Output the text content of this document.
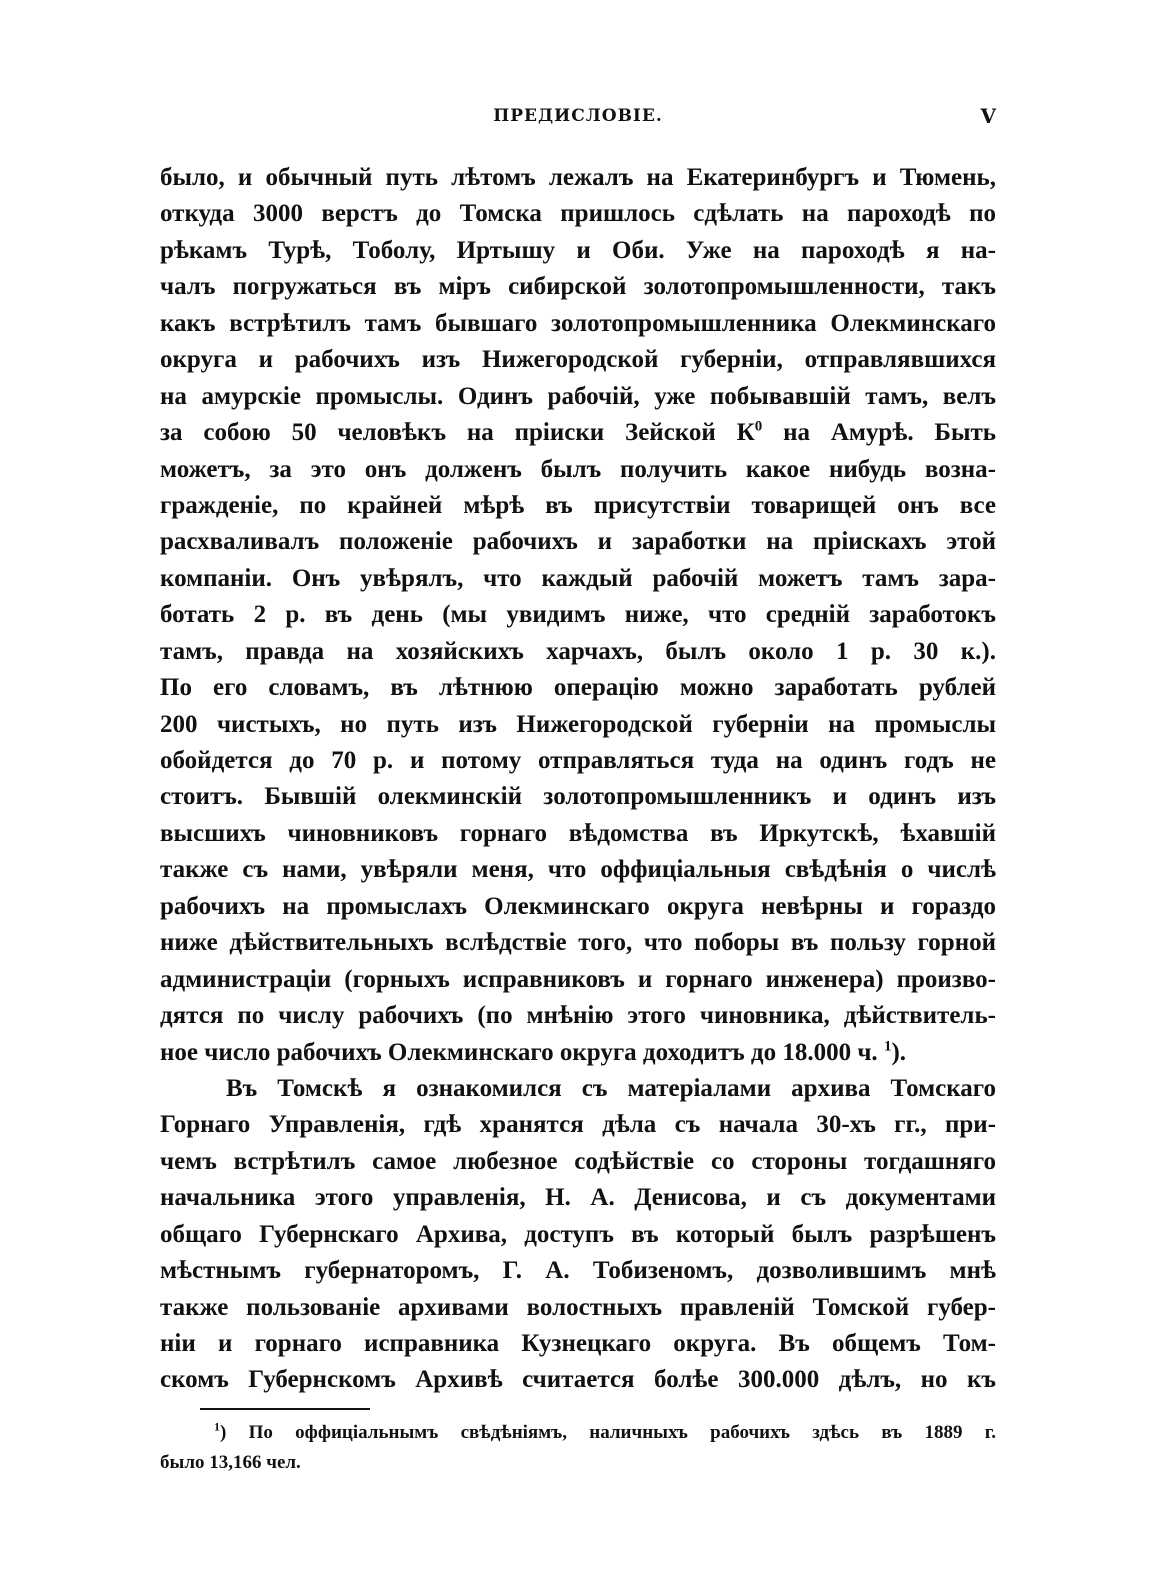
ПРЕДИСЛОВІЕ.	V
было, и обычный путь лѣтомъ лежалъ на Екатеринбургъ и Тюмень,
откуда 3000 верстъ до Томска пришлось сдѣлать на пароходѣ по
рѣкамъ Турѣ, Тоболу, Иртышу и Оби. Уже на пароходѣ я на-
чалъ погружаться въ міръ сибирской золотопромышленности, такъ
какъ встрѣтилъ тамъ бывшаго золотопромышленника Олекминскаго
округа и рабочихъ изъ Нижегородской губерніи, отправлявшихся
на амурскіе промыслы. Одинъ рабочій, уже побывавшій тамъ, велъ
за собою 50 человѣкъ на пріиски Зейской $К^0$ на Амурѣ. Быть
можетъ, за это онъ долженъ былъ получить какое нибудь возна-
гражденіе, по крайней мѣрѣ въ присутствіи товарищей онъ все
расхваливалъ положеніе рабочихъ и заработки на пріискахъ этой
компаніи. Онъ увѣрялъ, что каждый рабочій можетъ тамъ зара-
ботать 2 р. въ день (мы увидимъ ниже, что средній заработокъ
тамъ, правда на хозяйскихъ харчахъ, былъ около 1 р. 30 к.).
По его словамъ, въ лѣтнюю операцію можно заработать рублей
200 чистыхъ, но путь изъ Нижегородской губерніи на промыслы
обойдется до 70 р. и потому отправляться туда на одинъ годъ не
стоитъ. Бывшій олекминскій золотопромышленникъ и одинъ изъ
высшихъ чиновниковъ горнаго вѣдомства въ Иркутскѣ, ѣхавшій
также съ нами, увѣряли меня, что оффиціальныя свѣдѣнія о числѣ
рабочихъ на промыслахъ Олекминскаго округа невѣрны и гораздо
ниже дѣйствительныхъ вслѣдствіе того, что поборы въ пользу горной
администраціи (горныхъ исправниковъ и горнаго инженера) произво-
дятся по числу рабочихъ (по мнѣнію этого чиновника, дѣйствитель-
ное число рабочихъ Олекминскаго округа доходитъ до 18.000 ч. $^1$).
Въ Томскѣ я ознакомился съ матеріалами архива Томскаго
Горнаго Управленія, гдѣ хранятся дѣла съ начала 30-хъ гг., при-
чемъ встрѣтилъ самое любезное содѣйствіе со стороны тогдашняго
начальника этого управленія, Н. А. Денисова, и съ документами
общаго Губернскаго Архива, доступъ въ который былъ разрѣшенъ
мѣстнымъ губернаторомъ, Г. А. Тобизеномъ, дозволившимъ мнѣ
также пользованіе архивами волостныхъ правленій Томской губер-
ніи и горнаго исправника Кузнецкаго округа. Въ общемъ Том-
скомъ Губернскомъ Архивѣ считается болѣе 300.000 дѣлъ, но къ
$^1$) По оффиціальнымъ свѣдѣніямъ, наличныхъ рабочихъ здѣсь въ 1889 г.
было 13,166 чел.
